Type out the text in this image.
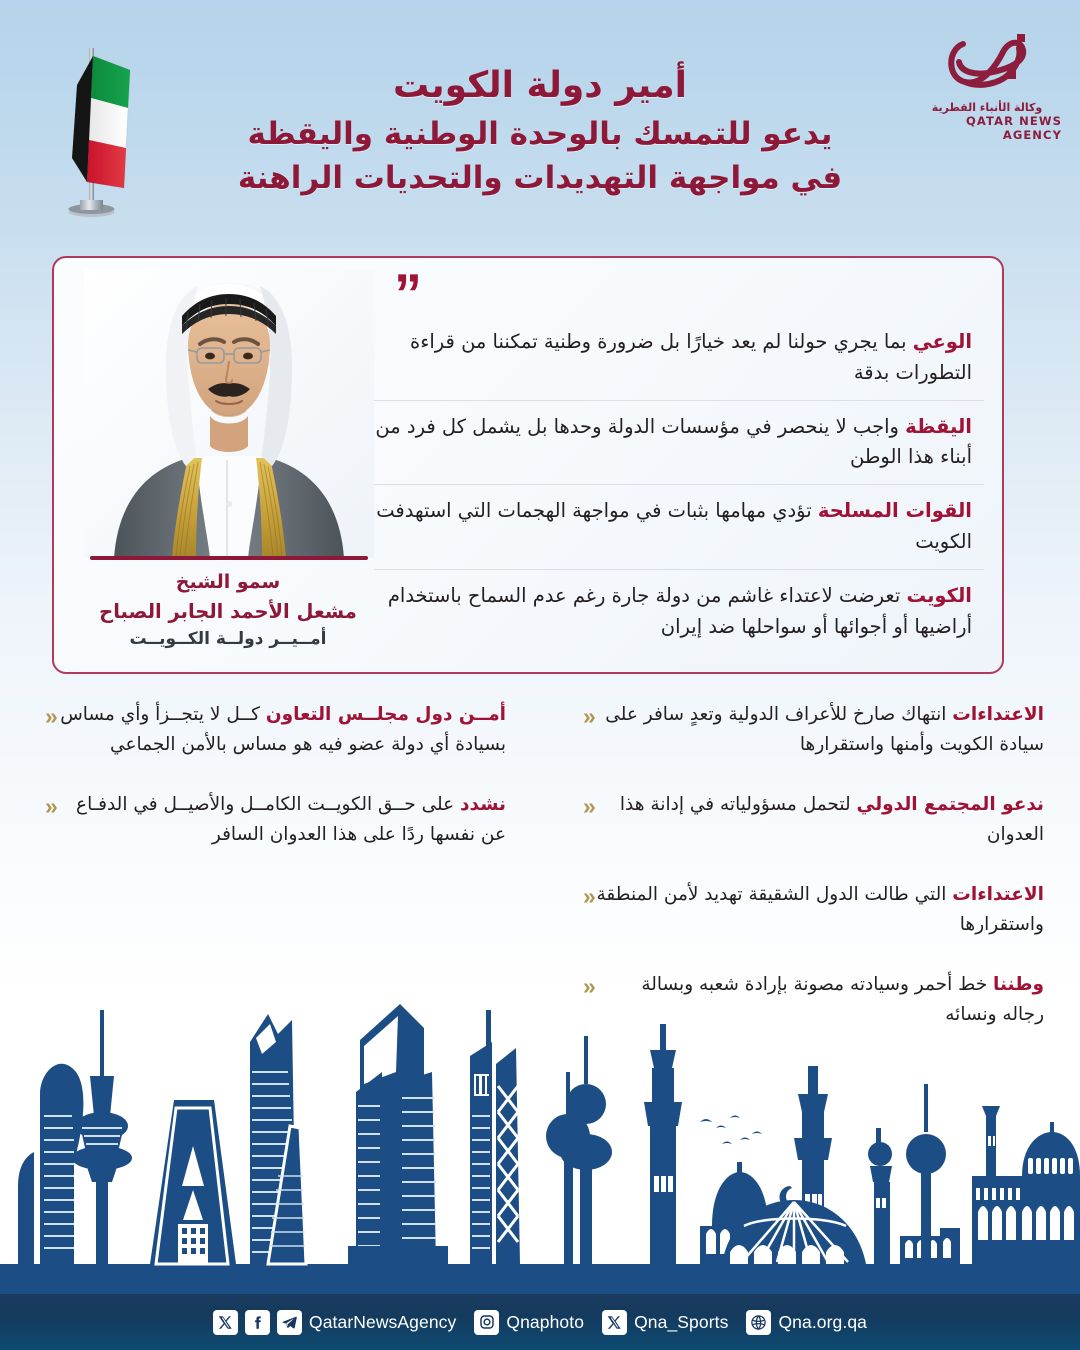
وكالة الأنباء القطرية
QATAR NEWS AGENCY
أمير دولة الكويت
يدعو للتمسك بالوحدة الوطنية واليقظة
في مواجهة التهديدات والتحديات الراهنة
”
الوعي بما يجري حولنا لم يعد خيارًا بل ضرورة وطنية تمكننا من قراءة التطورات بدقة
اليقظة واجب لا ينحصر في مؤسسات الدولة وحدها بل يشمل كل فرد من أبناء هذا الوطن
القوات المسلحة تؤدي مهامها بثبات في مواجهة الهجمات التي استهدفت الكويت
الكويت تعرضت لاعتداء غاشم من دولة جارة رغم عدم السماح باستخدام أراضيها أو أجوائها أو سواحلها ضد إيران
سمو الشيخ
مشعل الأحمد الجابر الصباح
أمــيــر دولــة الكــويــت
«	الاعتداءات انتهاك صارخ للأعراف الدولية وتعدٍ سافر على سيادة الكويت وأمنها واستقرارها
«	ندعو المجتمع الدولي لتحمل مسؤولياته في إدانة هذا العدوان
«	الاعتداءات التي طالت الدول الشقيقة تهديد لأمن المنطقة واستقرارها
«	وطننا خط أحمر وسيادته مصونة بإرادة شعبه وبسالة رجاله ونسائه
«	أمــن دول مجلــس التعاون كــل لا يتجــزأ وأي مساس بسيادة أي دولة عضو فيه هو مساس بالأمن الجماعي
«	نشدد على حــق الكويــت الكامــل والأصيــل في الدفـاع عن نفسها ردًا على هذا العدوان السافر
QatarNewsAgency	Qnaphoto	Qna_Sports	Qna.org.qa
